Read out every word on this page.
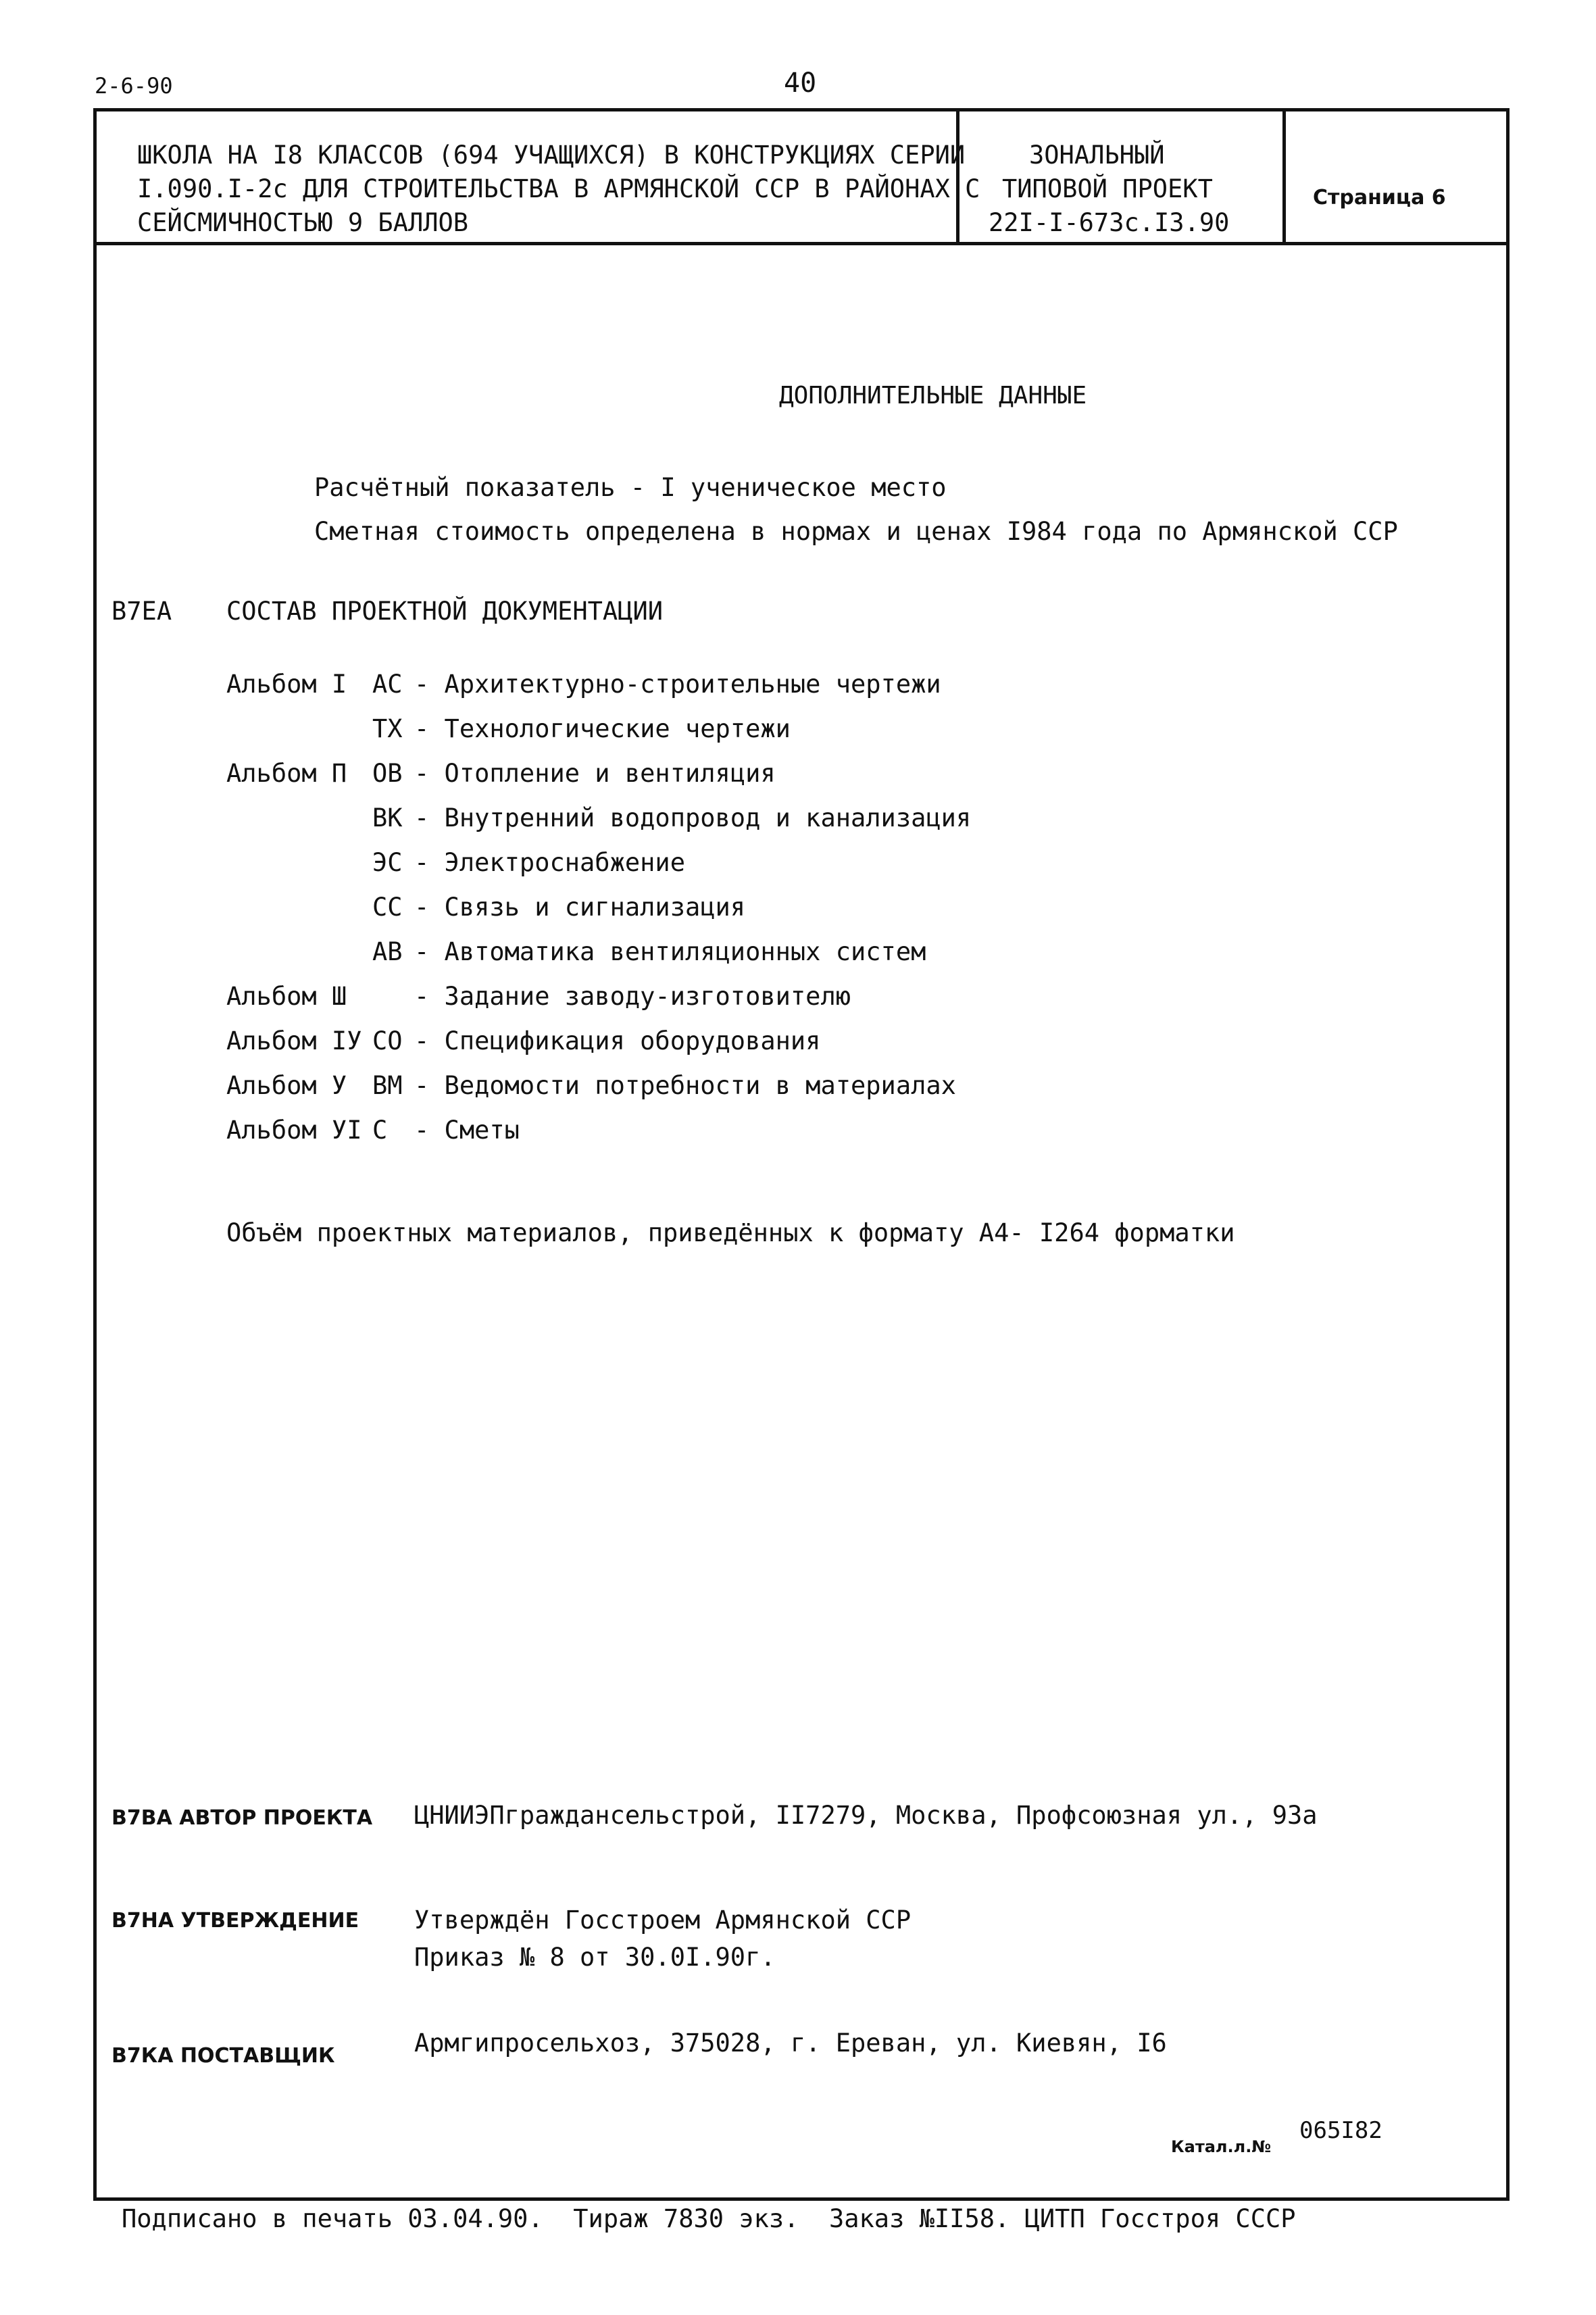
2-6-90	40
ШКОЛА НА I8 КЛАССОВ (694 УЧАЩИХСЯ) В КОНСТРУКЦИЯХ СЕРИИ
I.090.I-2с ДЛЯ СТРОИТЕЛЬСТВА В АРМЯНСКОЙ ССР В РАЙОНАХ С
СЕЙСМИЧНОСТЬЮ 9 БАЛЛОВ
ЗОНАЛЬНЫЙ
ТИПОВОЙ ПРОЕКТ
22I-I-673с.I3.90
Страница 6
ДОПОЛНИТЕЛЬНЫЕ ДАННЫЕ
Расчётный показатель - I ученическое место
Сметная стоимость определена в нормах и ценах I984 года по Армянской ССР
В7ЕА СОСТАВ ПРОЕКТНОЙ ДОКУМЕНТАЦИИ
Объём проектных материалов, приведённых к формату А4- I264 форматки
В7ВА АВТОР ПРОЕКТА ЦНИИЭПграждансельстрой, II7279, Москва, Профсоюзная ул., 93а
В7НА УТВЕРЖДЕНИЕ Утверждён Госстроем Армянской ССР
Приказ № 8 от 30.0I.90г.
В7КА ПОСТАВЩИК	Армгипросельхоз, 375028, г. Ереван, ул. Киевян, I6
Катал.л.№
065I82
Альбом I АС - Архитектурно-строительные чертежи
ТХ - Технологические чертежи
Альбом П ОВ - Отопление и вентиляция
ВК - Внутренний водопровод и канализация
ЭС - Электроснабжение
СС - Связь и сигнализация
АВ - Автоматика вентиляционных систем
Альбом Ш	- Задание заводу-изготовителю
Альбом IУ СО - Спецификация оборудования
Альбом У ВМ - Ведомости потребности в материалах
Альбом УI С - Сметы
Подписано в печать 03.04.90.  Тираж 7830 экз.  Заказ №II58. ЦИТП Госстроя СССР
